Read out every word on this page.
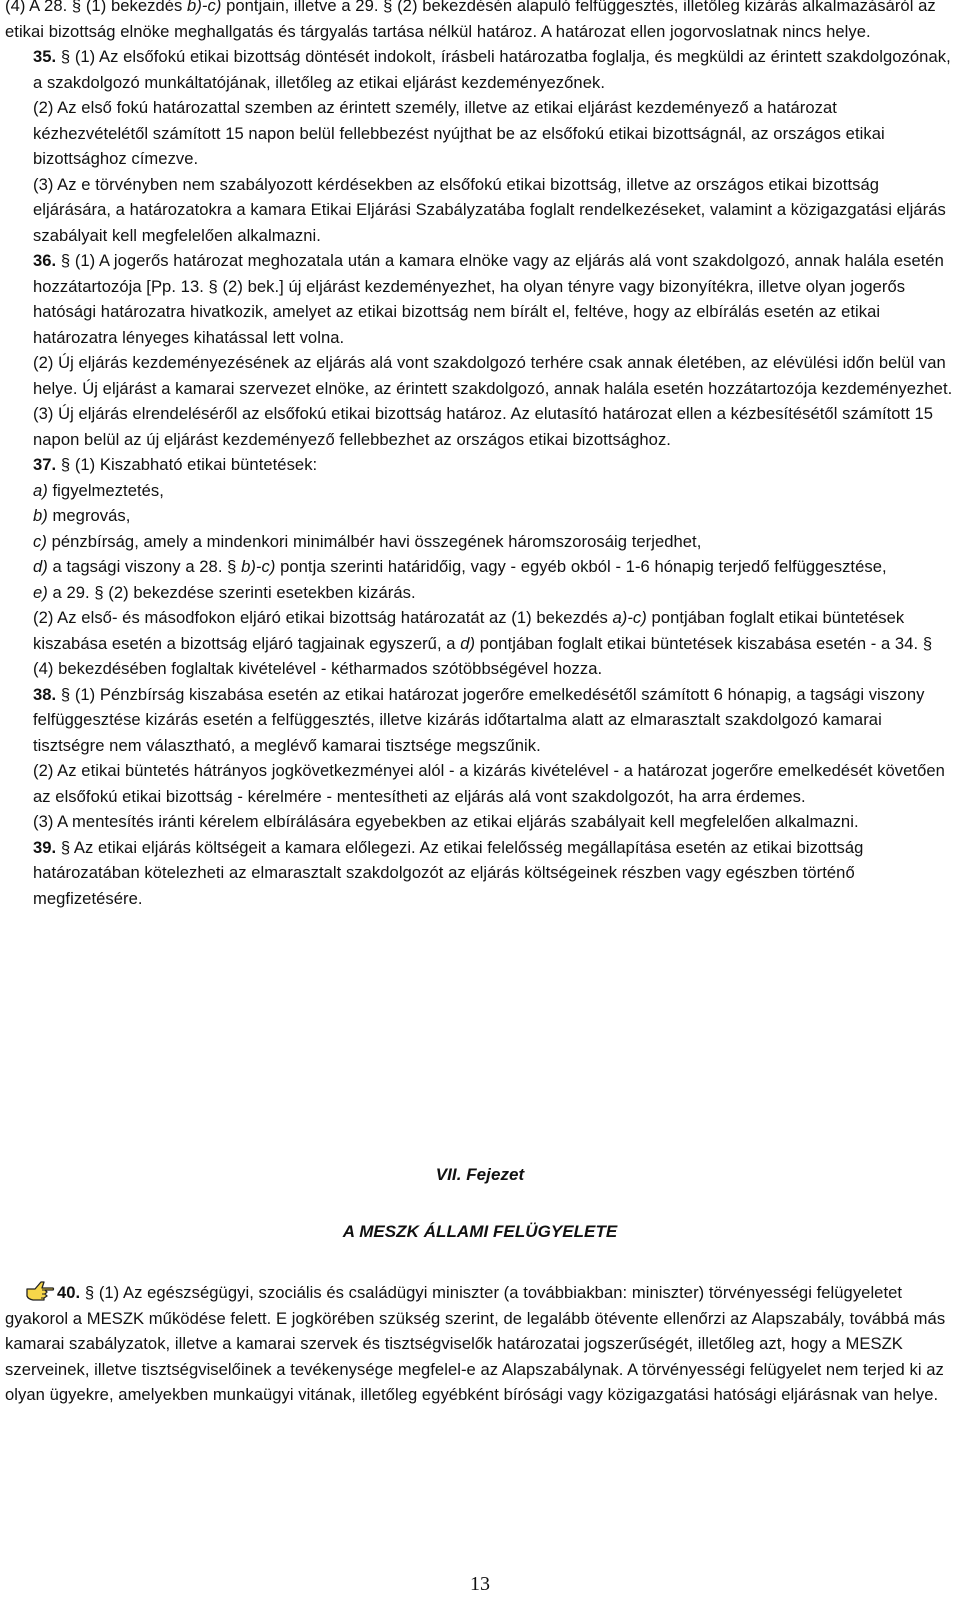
(4) A 28. § (1) bekezdés b)-c) pontjain, illetve a 29. § (2) bekezdésén alapuló felfüggesztés, illetőleg kizárás alkalmazásáról az etikai bizottság elnöke meghallgatás és tárgyalás tartása nélkül határoz. A határozat ellen jogorvoslatnak nincs helye.
35. § (1) Az elsőfokú etikai bizottság döntését indokolt, írásbeli határozatba foglalja, és megküldi az érintett szakdolgozónak, a szakdolgozó munkáltatójának, illetőleg az etikai eljárást kezdeményezőnek.
(2) Az első fokú határozattal szemben az érintett személy, illetve az etikai eljárást kezdeményező a határozat kézhezvételétől számított 15 napon belül fellebbezést nyújthat be az elsőfokú etikai bizottságnál, az országos etikai bizottsághoz címezve.
(3) Az e törvényben nem szabályozott kérdésekben az elsőfokú etikai bizottság, illetve az országos etikai bizottság eljárására, a határozatokra a kamara Etikai Eljárási Szabályzatába foglalt rendelkezéseket, valamint a közigazgatási eljárás szabályait kell megfelelően alkalmazni.
36. § (1) A jogerős határozat meghozatala után a kamara elnöke vagy az eljárás alá vont szakdolgozó, annak halála esetén hozzátartozója [Pp. 13. § (2) bek.] új eljárást kezdeményezhet, ha olyan tényre vagy bizonyítékra, illetve olyan jogerős hatósági határozatra hivatkozik, amelyet az etikai bizottság nem bírált el, feltéve, hogy az elbírálás esetén az etikai határozatra lényeges kihatással lett volna.
(2) Új eljárás kezdeményezésének az eljárás alá vont szakdolgozó terhére csak annak életében, az elévülési időn belül van helye. Új eljárást a kamarai szervezet elnöke, az érintett szakdolgozó, annak halála esetén hozzátartozója kezdeményezhet.
(3) Új eljárás elrendeléséről az elsőfokú etikai bizottság határoz. Az elutasító határozat ellen a kézbesítésétől számított 15 napon belül az új eljárást kezdeményező fellebbezhet az országos etikai bizottsághoz.
37. § (1) Kiszabható etikai büntetések:
a) figyelmeztetés,
b) megrovás,
c) pénzbírság, amely a mindenkori minimálbér havi összegének háromszorosáig terjedhet,
d) a tagsági viszony a 28. § b)-c) pontja szerinti határidőig, vagy - egyéb okból - 1-6 hónapig terjedő felfüggesztése,
e) a 29. § (2) bekezdése szerinti esetekben kizárás.
(2) Az első- és másodfokon eljáró etikai bizottság határozatát az (1) bekezdés a)-c) pontjában foglalt etikai büntetések kiszabása esetén a bizottság eljáró tagjainak egyszerű, a d) pontjában foglalt etikai büntetések kiszabása esetén - a 34. § (4) bekezdésében foglaltak kivételével - kétharmados szótöbbségével hozza.
38. § (1) Pénzbírság kiszabása esetén az etikai határozat jogerőre emelkedésétől számított 6 hónapig, a tagsági viszony felfüggesztése kizárás esetén a felfüggesztés, illetve kizárás időtartalma alatt az elmarasztalt szakdolgozó kamarai tisztségre nem választható, a meglévő kamarai tisztsége megszűnik.
(2) Az etikai büntetés hátrányos jogkövetkezményei alól - a kizárás kivételével - a határozat jogerőre emelkedését követően az elsőfokú etikai bizottság - kérelmére - mentesítheti az eljárás alá vont szakdolgozót, ha arra érdemes.
(3) A mentesítés iránti kérelem elbírálására egyebekben az etikai eljárás szabályait kell megfelelően alkalmazni.
39. § Az etikai eljárás költségeit a kamara előlegezi. Az etikai felelősség megállapítása esetén az etikai bizottság határozatában kötelezheti az elmarasztalt szakdolgozót az eljárás költségeinek részben vagy egészben történő megfizetésére.
VII. Fejezet
A MESZK ÁLLAMI FELÜGYELETE
40. § (1) Az egészségügyi, szociális és családügyi miniszter (a továbbiakban: miniszter) törvényességi felügyeletet gyakorol a MESZK működése felett. E jogkörében szükség szerint, de legalább ötévente ellenőrzi az Alapszabály, továbbá más kamarai szabályzatok, illetve a kamarai szervek és tisztségviselők határozatai jogszerűségét, illetőleg azt, hogy a MESZK szerveinek, illetve tisztségviselőinek a tevékenysége megfelel-e az Alapszabálynak. A törvényességi felügyelet nem terjed ki az olyan ügyekre, amelyekben munkaügyi vitának, illetőleg egyébként bírósági vagy közigazgatási hatósági eljárásnak van helye.
13
